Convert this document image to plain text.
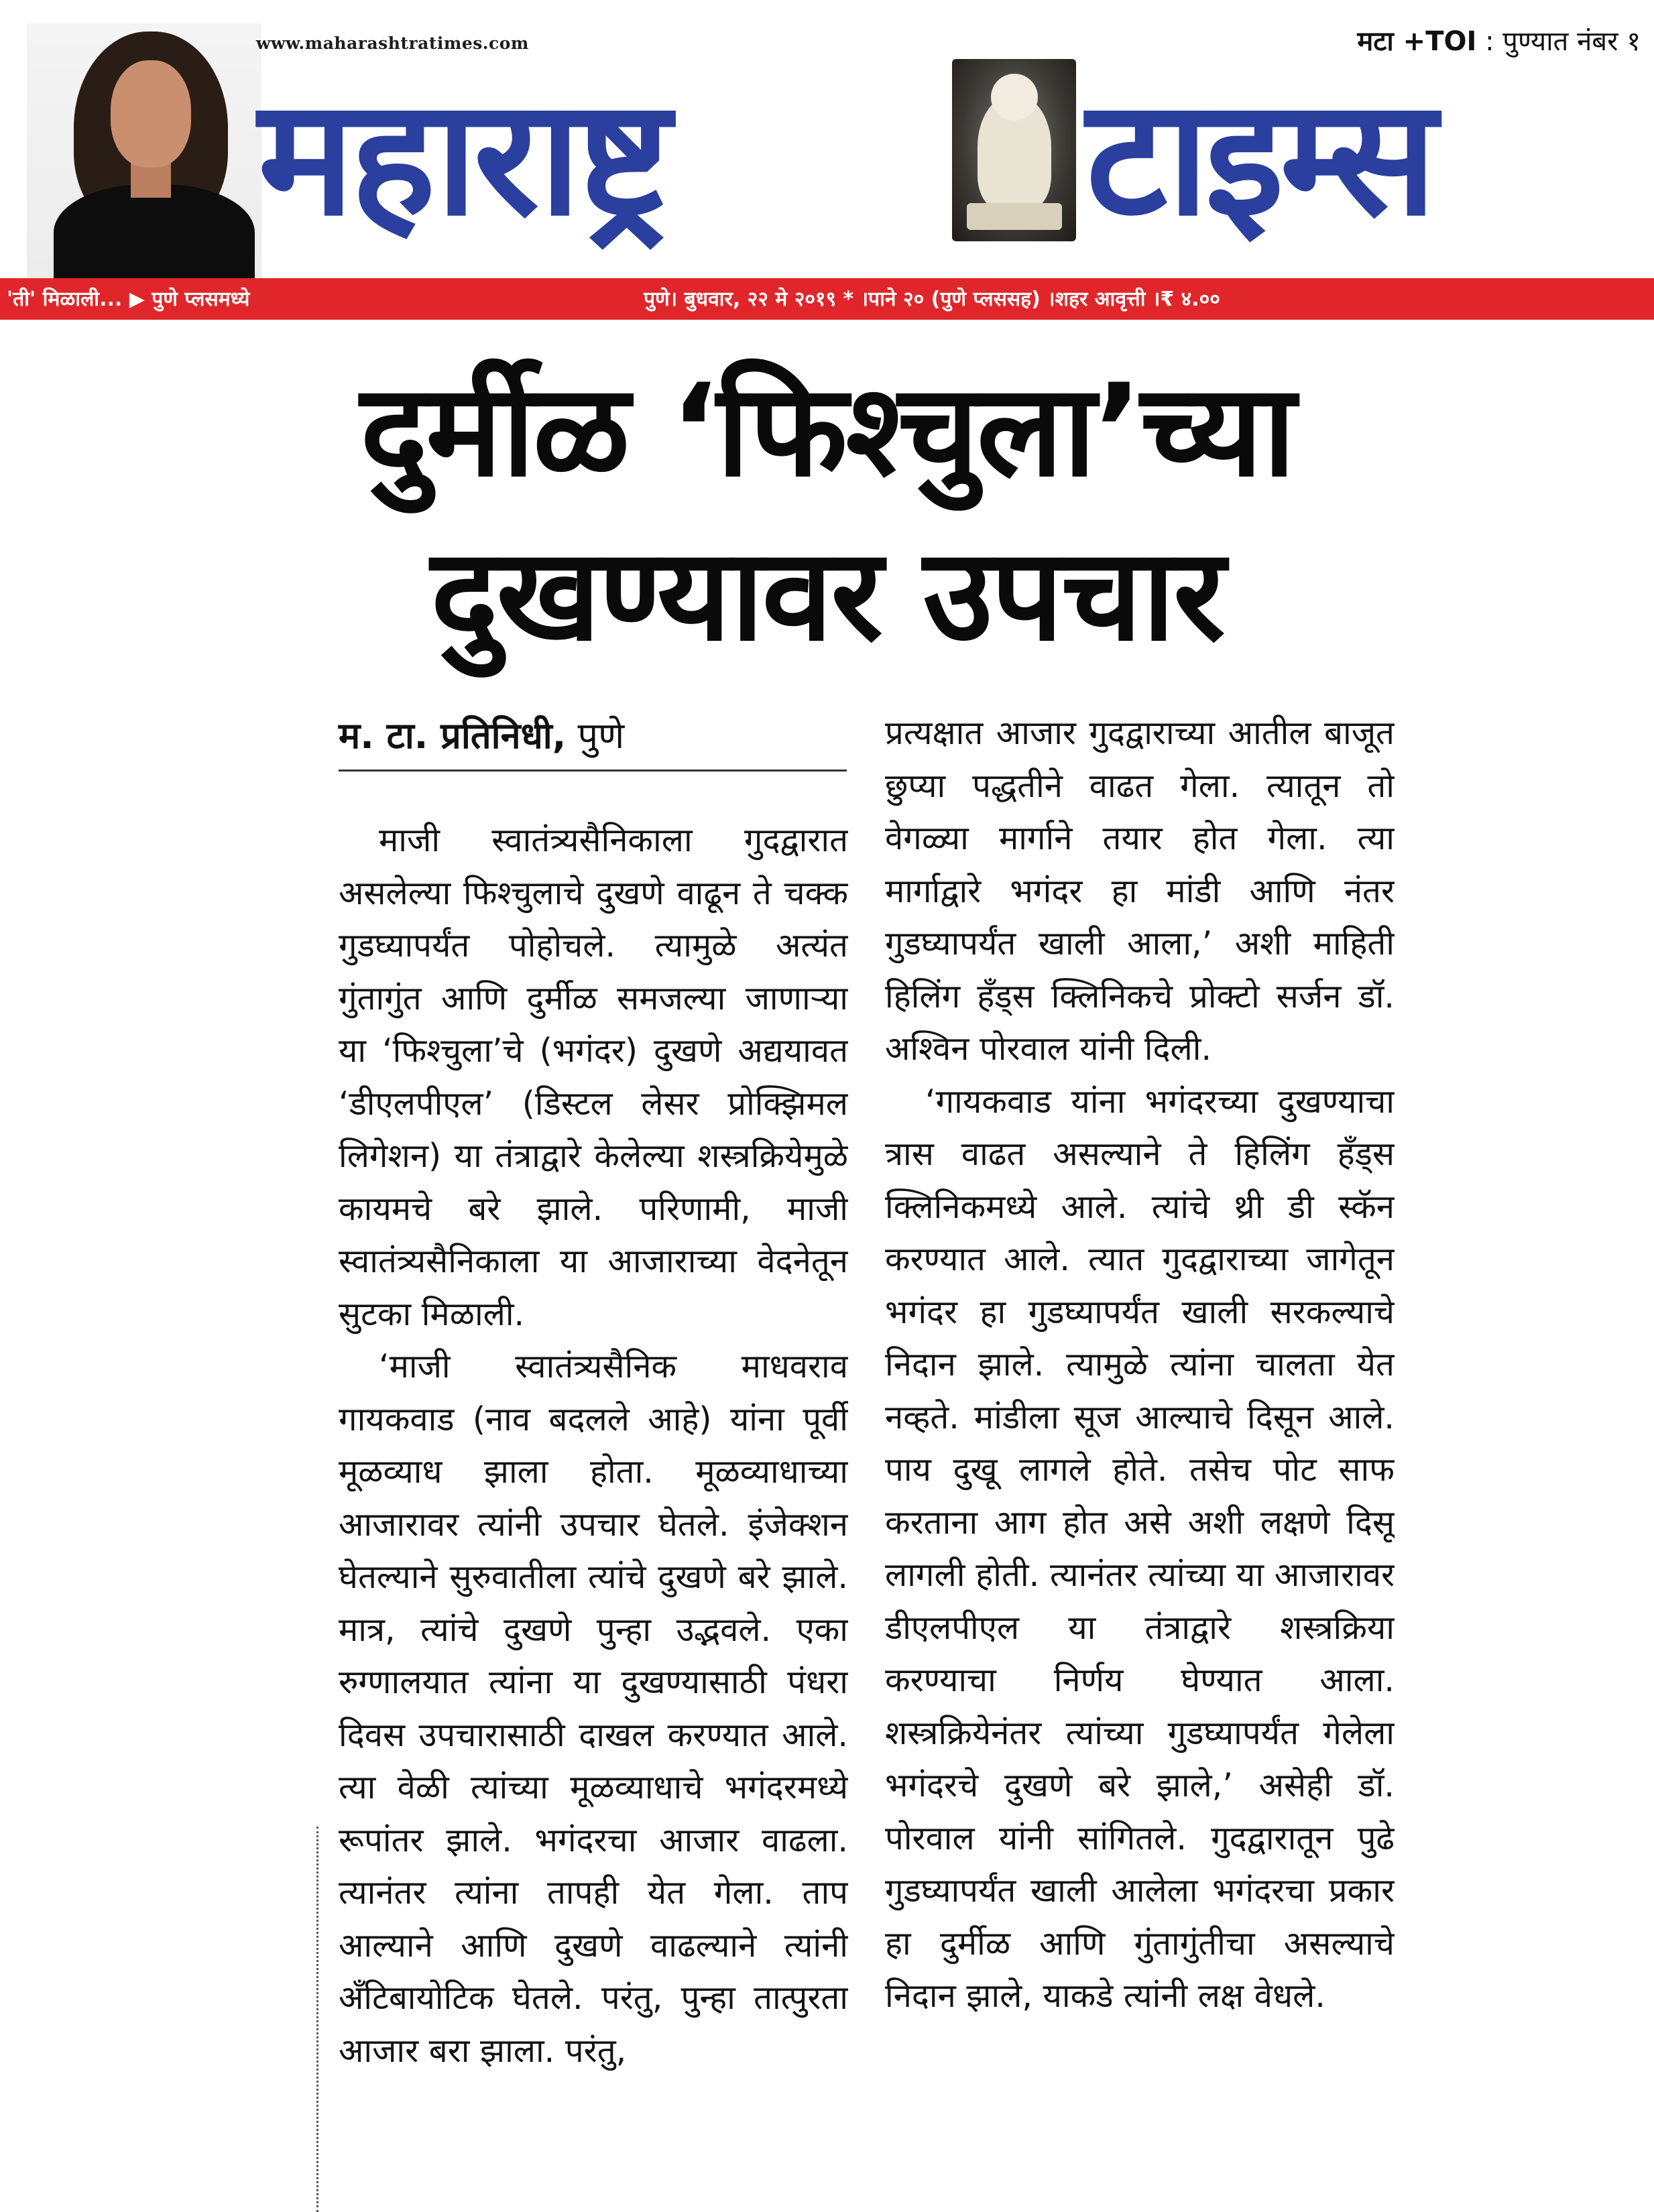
www.maharashtratimes.com	मटा +TOI : पुण्यात नंबर १
महाराष्ट्र	टाइम्स
'ती' मिळाली... ▶ पुणे प्लसमध्ये	पुणे। बुधवार, २२ मे २०१९ * ।पाने २० (पुणे प्लससह) ।शहर आवृत्ती ।₹ ४.००
दुर्मीळ ‘फिश्चुला’च्या
दुखण्यावर उपचार
म. टा. प्रतिनिधी, पुणे

माजी स्वातंत्र्यसैनिकाला गुदद्वारात असलेल्या फिश्चुलाचे दुखणे वाढून ते चक्क गुडघ्यापर्यंत पोहोचले. त्यामुळे अत्यंत गुंतागुंत आणि दुर्मीळ समजल्या जाणाऱ्या या ‘फिश्चुला’चे (भगंदर) दुखणे अद्ययावत ‘डीएलपीएल’ (डिस्टल लेसर प्रोक्झिमल लिगेशन) या तंत्राद्वारे केलेल्या शस्त्रक्रियेमुळे कायमचे बरे झाले. परिणामी, माजी स्वातंत्र्यसैनिकाला या आजाराच्या वेदनेतून सुटका मिळाली.

‘माजी स्वातंत्र्यसैनिक माधवराव गायकवाड (नाव बदलले आहे) यांना पूर्वी मूळव्याध झाला होता. मूळव्याधाच्या आजारावर त्यांनी उपचार घेतले. इंजेक्शन घेतल्याने सुरुवातीला त्यांचे दुखणे बरे झाले. मात्र, त्यांचे दुखणे पुन्हा उद्भवले. एका रुग्णालयात त्यांना या दुखण्यासाठी पंधरा दिवस उपचारासाठी दाखल करण्यात आले. त्या वेळी त्यांच्या मूळव्याधाचे भगंदरमध्ये रूपांतर झाले. भगंदरचा आजार वाढला. त्यानंतर त्यांना तापही येत गेला. ताप आल्याने आणि दुखणे वाढल्याने त्यांनी अँटिबायोटिक घेतले. परंतु, पुन्हा तात्पुरता आजार बरा झाला. परंतु,

प्रत्यक्षात आजार गुदद्वाराच्या आतील बाजूत छुप्या पद्धतीने वाढत गेला. त्यातून तो वेगळ्या मार्गाने तयार होत गेला. त्या मार्गाद्वारे भगंदर हा मांडी आणि नंतर गुडघ्यापर्यंत खाली आला,’ अशी माहिती हिलिंग हँड्स क्लिनिकचे प्रोक्टो सर्जन डॉ. अश्विन पोरवाल यांनी दिली.

‘गायकवाड यांना भगंदरच्या दुखण्याचा त्रास वाढत असल्याने ते हिलिंग हँड्स क्लिनिकमध्ये आले. त्यांचे थ्री डी स्कॅन करण्यात आले. त्यात गुदद्वाराच्या जागेतून भगंदर हा गुडघ्यापर्यंत खाली सरकल्याचे निदान झाले. त्यामुळे त्यांना चालता येत नव्हते. मांडीला सूज आल्याचे दिसून आले. पाय दुखू लागले होते. तसेच पोट साफ करताना आग होत असे अशी लक्षणे दिसू लागली होती. त्यानंतर त्यांच्या या आजारावर डीएलपीएल या तंत्राद्वारे शस्त्रक्रिया करण्याचा निर्णय घेण्यात आला. शस्त्रक्रियेनंतर त्यांच्या गुडघ्यापर्यंत गेलेला भगंदरचे दुखणे बरे झाले,’ असेही डॉ. पोरवाल यांनी सांगितले. गुदद्वारातून पुढे गुडघ्यापर्यंत खाली आलेला भगंदरचा प्रकार हा दुर्मीळ आणि गुंतागुंतीचा असल्याचे निदान झाले, याकडे त्यांनी लक्ष वेधले.
